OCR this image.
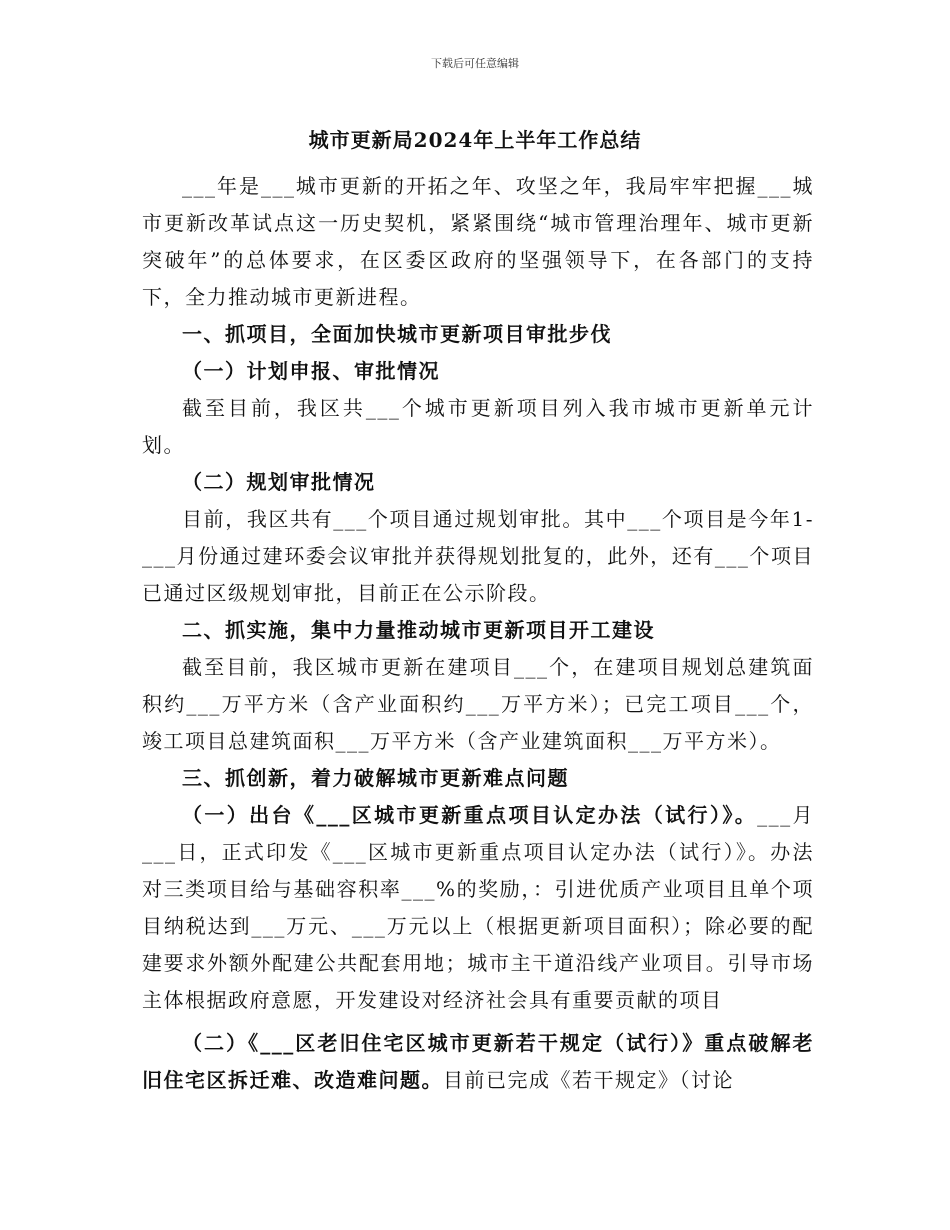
下载后可任意编辑
城市更新局2024年上半年工作总结

___年是___城市更新的开拓之年、攻坚之年，我局牢牢把握___城市更新改革试点这一历史契机，紧紧围绕“城市管理治理年、城市更新突破年”的总体要求，在区委区政府的坚强领导下，在各部门的支持下，全力推动城市更新进程。

一、抓项目，全面加快城市更新项目审批步伐

（一）计划申报、审批情况

截至目前，我区共___个城市更新项目列入我市城市更新单元计划。

（二）规划审批情况

目前，我区共有___个项目通过规划审批。其中___个项目是今年1-___月份通过建环委会议审批并获得规划批复的，此外，还有___个项目已通过区级规划审批，目前正在公示阶段。

二、抓实施，集中力量推动城市更新项目开工建设

截至目前，我区城市更新在建项目___个，在建项目规划总建筑面积约___万平方米（含产业面积约___万平方米）；已完工项目___个，竣工项目总建筑面积___万平方米（含产业建筑面积___万平方米）。

三、抓创新，着力破解城市更新难点问题

（一）出台《___区城市更新重点项目认定办法（试行）》。___月___日，正式印发《___区城市更新重点项目认定办法（试行）》。办法对三类项目给与基础容积率___%的奖励，：引进优质产业项目且单个项目纳税达到___万元、___万元以上（根据更新项目面积）；除必要的配建要求外额外配建公共配套用地；城市主干道沿线产业项目。引导市场主体根据政府意愿，开发建设对经济社会具有重要贡献的项目

（二）《___区老旧住宅区城市更新若干规定（试行）》重点破解老旧住宅区拆迁难、改造难问题。目前已完成《若干规定》（讨论
